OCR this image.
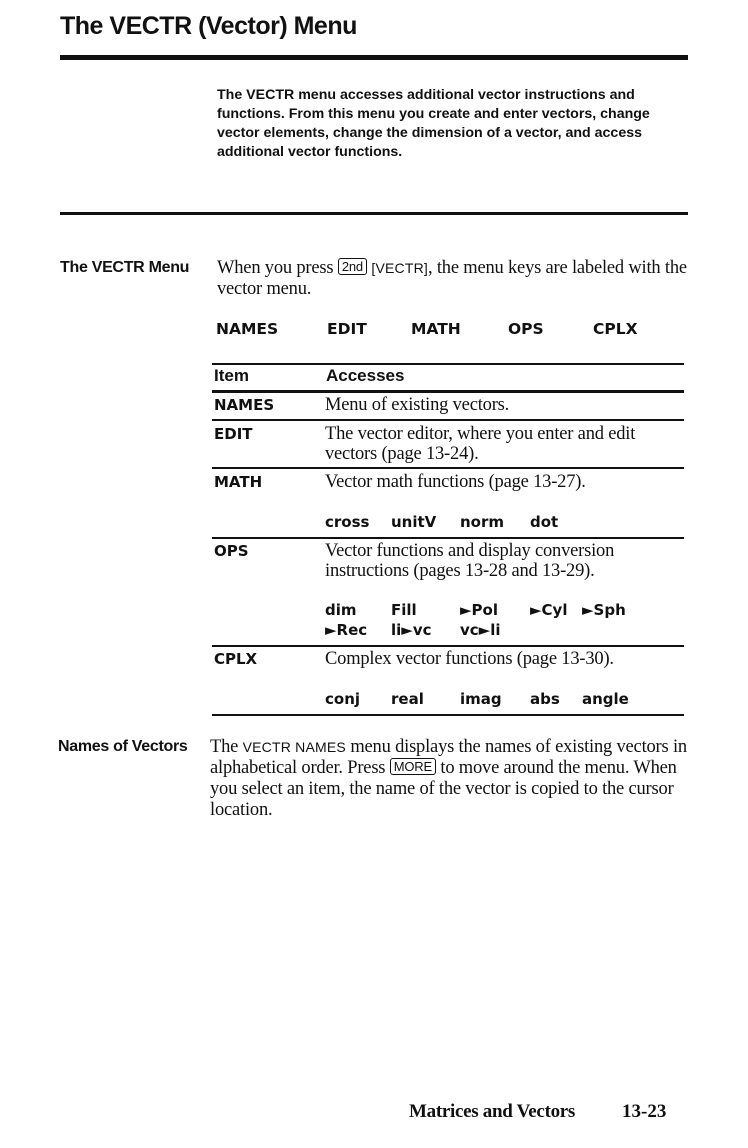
The VECTR (Vector) Menu
The VECTR menu accesses additional vector instructions and functions. From this menu you create and enter vectors, change vector elements, change the dimension of a vector, and access additional vector functions.
The VECTR Menu When you press 2nd [VECTR], the menu keys are labeled with the vector menu.
NAMES	EDIT	MATH	OPS	CPLX
Item	Accesses
NAMES	Menu of existing vectors.
EDIT	The vector editor, where you enter and edit vectors (page 13-24).
MATH	Vector math functions (page 13-27).
cross unitV norm dot
OPS	Vector functions and display conversion instructions (pages 13-28 and 13-29).
dim Fill	►Pol ►Cyl ►Sph
►Rec li►vc vc►li
CPLX	Complex vector functions (page 13-30).
conj real imag abs angle
Names of Vectors The VECTR NAMES menu displays the names of existing vectors in alphabetical order. Press MORE to move around the menu. When you select an item, the name of the vector is copied to the cursor location.
Matrices and Vectors 13-23
